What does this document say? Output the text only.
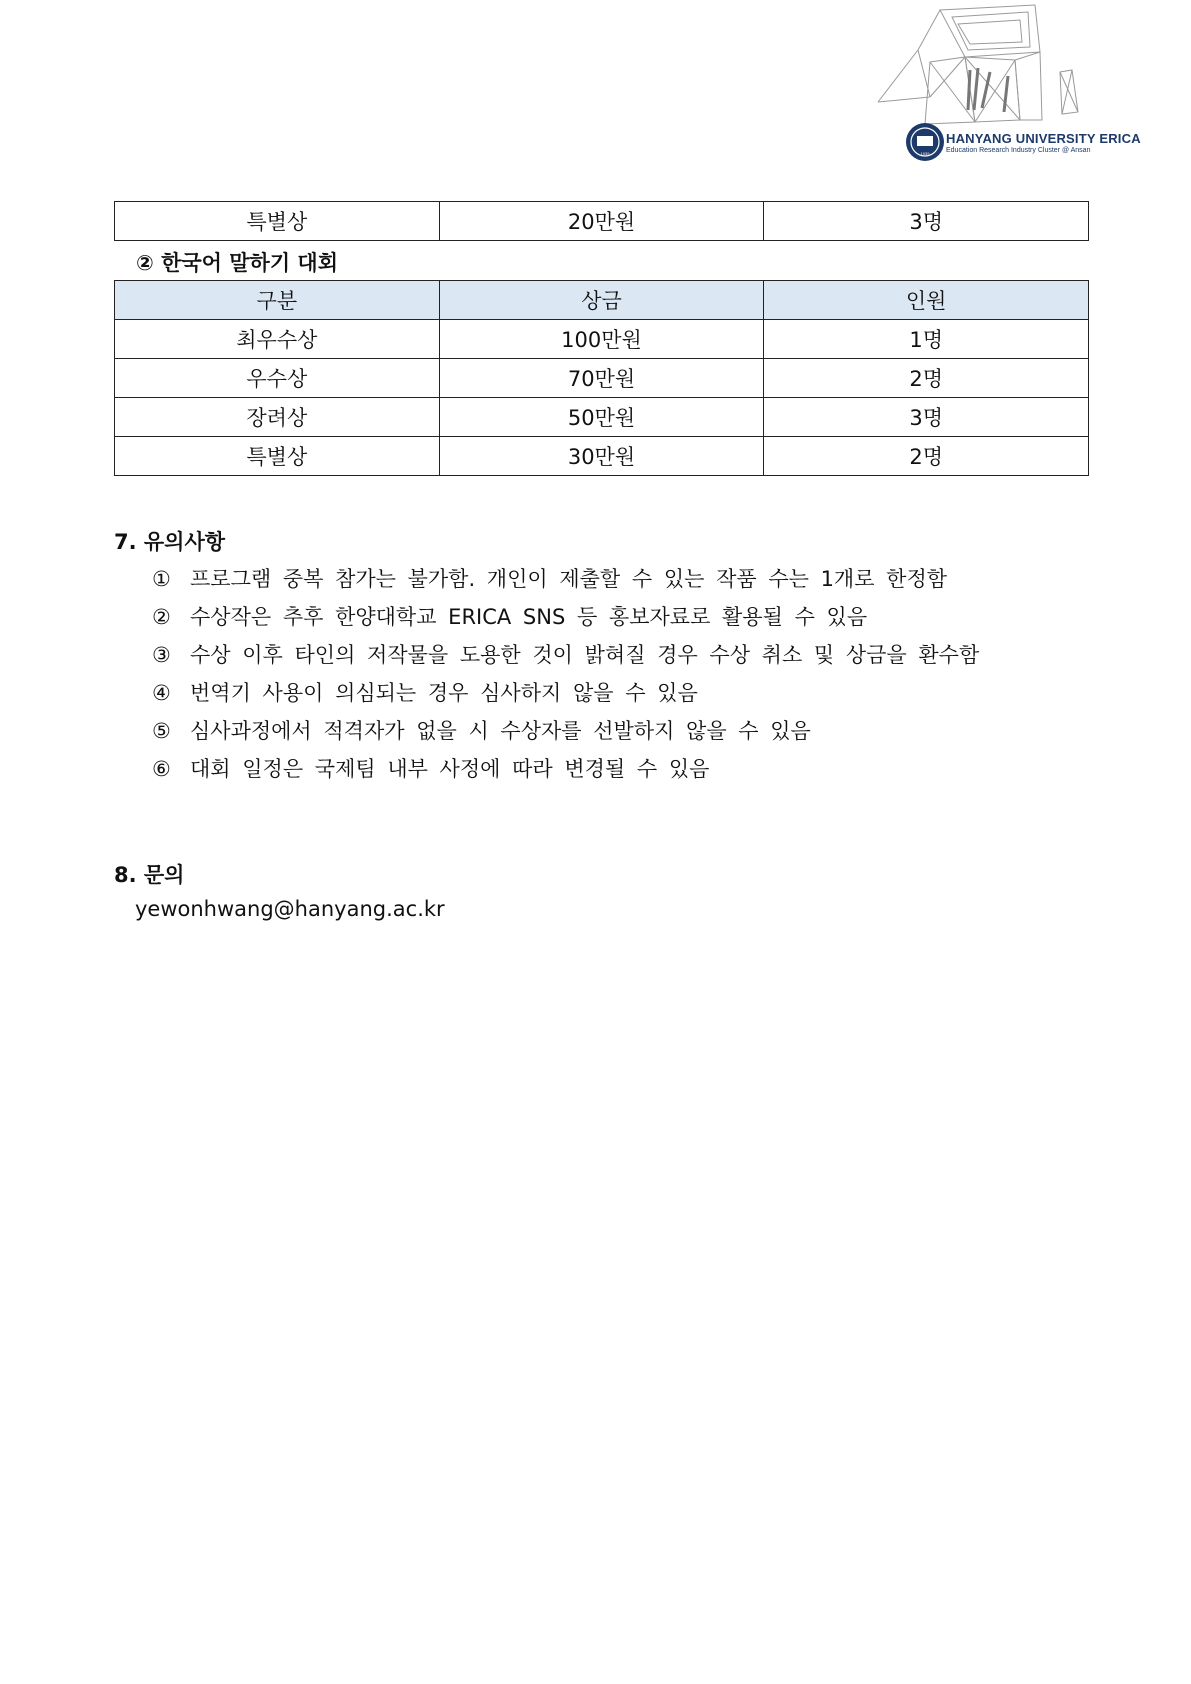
1939
HANYANG UNIVERSITY ERICA
Education Research Industry Cluster @ Ansan
특별상	20만원	3명
② 한국어 말하기 대회
구분	상금	인원
최우수상	100만원	1명
우수상	70만원	2명
장려상	50만원	3명
특별상	30만원	2명
7. 유의사항
① 프로그램 중복 참가는 불가함. 개인이 제출할 수 있는 작품 수는 1개로 한정함
② 수상작은 추후 한양대학교 ERICA SNS 등 홍보자료로 활용될 수 있음
③ 수상 이후 타인의 저작물을 도용한 것이 밝혀질 경우 수상 취소 및 상금을 환수함
④ 번역기 사용이 의심되는 경우 심사하지 않을 수 있음
⑤ 심사과정에서 적격자가 없을 시 수상자를 선발하지 않을 수 있음
⑥ 대회 일정은 국제팀 내부 사정에 따라 변경될 수 있음
8. 문의
yewonhwang@hanyang.ac.kr
